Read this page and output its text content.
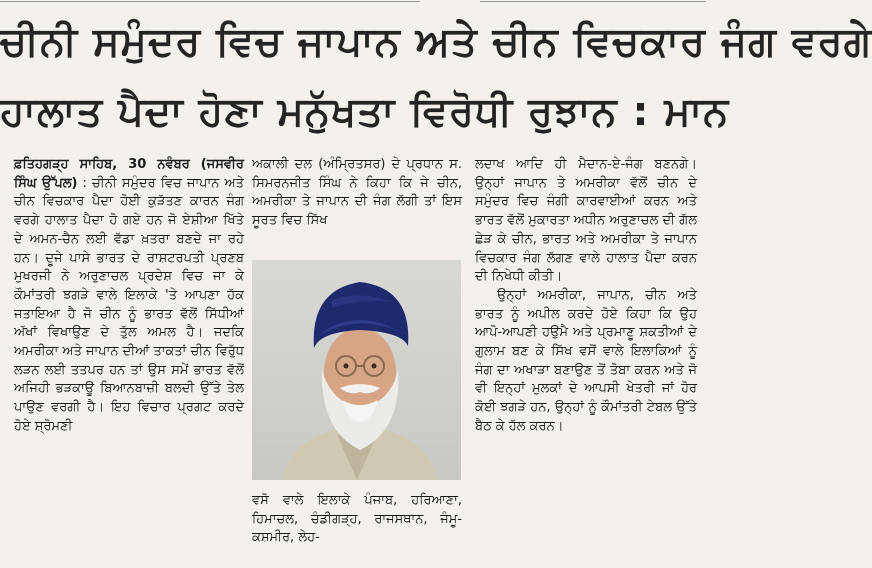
ਚੀਨੀ ਸਮੁੰਦਰ ਵਿਚ ਜਾਪਾਨ ਅਤੇ ਚੀਨ ਵਿਚਕਾਰ ਜੰਗ ਵਰਗੇ
ਹਾਲਾਤ ਪੈਦਾ ਹੋਣਾ ਮਨੁੱਖਤਾ ਵਿਰੋਧੀ ਰੁਝਾਨ : ਮਾਨ

ਫ਼ਤਿਹਗੜ੍ਹ ਸਾਹਿਬ, 30 ਨਵੰਬਰ (ਜਸਵੀਰ ਸਿੰਘ ਉੱਪਲ) : ਚੀਨੀ ਸਮੁੰਦਰ ਵਿਚ ਜਾਪਾਨ ਅਤੇ ਚੀਨ ਵਿਚਕਾਰ ਪੈਦਾ ਹੋਈ ਕੁੜੱਤਣ ਕਾਰਨ ਜੰਗ ਵਰਗੇ ਹਾਲਾਤ ਪੈਦਾ ਹੋ ਗਏ ਹਨ ਜੋ ਏਸ਼ੀਆ ਖਿੱਤੇ ਦੇ ਅਮਨ-ਚੈਨ ਲਈ ਵੱਡਾ ਖ਼ਤਰਾ ਬਣਦੇ ਜਾ ਰਹੇ ਹਨ। ਦੂਜੇ ਪਾਸੇ ਭਾਰਤ ਦੇ ਰਾਸ਼ਟਰਪਤੀ ਪ੍ਰਣਬ ਮੁਖਰਜੀ ਨੇ ਅਰੁਣਾਚਲ ਪ੍ਰਦੇਸ਼ ਵਿਚ ਜਾ ਕੇ ਕੌਮਾਂਤਰੀ ਝਗੜੇ ਵਾਲੇ ਇਲਾਕੇ 'ਤੇ ਆਪਣਾ ਹੱਕ ਜਤਾਇਆ ਹੈ ਜੋ ਚੀਨ ਨੂੰ ਭਾਰਤ ਵੱਲੋਂ ਸਿੱਧੀਆਂ ਅੱਖਾਂ ਵਿਖਾਉਣ ਦੇ ਤੁੱਲ ਅਮਲ ਹੈ। ਜਦਕਿ ਅਮਰੀਕਾ ਅਤੇ ਜਾਪਾਨ ਦੀਆਂ ਤਾਕਤਾਂ ਚੀਨ ਵਿਰੁੱਧ ਲੜਨ ਲਈ ਤਤਪਰ ਹਨ ਤਾਂ ਉਸ ਸਮੇਂ ਭਾਰਤ ਵੱਲੋਂ ਅਜਿਹੀ ਭੜਕਾਊ ਬਿਆਨਬਾਜ਼ੀ ਬਲਦੀ ਉੱਤੇ ਤੇਲ ਪਾਉਣ ਵਰਗੀ ਹੈ। ਇਹ ਵਿਚਾਰ ਪ੍ਰਗਟ ਕਰਦੇ ਹੋਏ ਸ਼੍ਰੋਮਣੀ

ਅਕਾਲੀ ਦਲ (ਅੰਮ੍ਰਿਤਸਰ) ਦੇ ਪ੍ਰਧਾਨ ਸ. ਸਿਮਰਨਜੀਤ ਸਿੰਘ ਨੇ ਕਿਹਾ ਕਿ ਜੇ ਚੀਨ, ਅਮਰੀਕਾ ਤੇ ਜਾਪਾਨ ਦੀ ਜੰਗ ਲੱਗੀ ਤਾਂ ਇਸ ਸੂਰਤ ਵਿਚ ਸਿੱਖ

ਵਸੋ ਵਾਲੇ ਇਲਾਕੇ ਪੰਜਾਬ, ਹਰਿਆਣਾ, ਹਿਮਾਚਲ, ਚੰਡੀਗੜ੍ਹ, ਰਾਜਸਥਾਨ, ਜੰਮੂ-ਕਸ਼ਮੀਰ, ਲੇਹ-

ਲਦਾਖ ਆਦਿ ਹੀ ਮੈਦਾਨ-ਏ-ਜੰਗ ਬਣਨਗੇ। ਉਨ੍ਹਾਂ ਜਾਪਾਨ ਤੇ ਅਮਰੀਕਾ ਵੱਲੋਂ ਚੀਨ ਦੇ ਸਮੁੰਦਰ ਵਿਚ ਜੰਗੀ ਕਾਰਵਾਈਆਂ ਕਰਨ ਅਤੇ ਭਾਰਤ ਵੱਲੋਂ ਮੁਕਾਰਤਾ ਅਧੀਨ ਅਰੁਣਾਚਲ ਦੀ ਗੱਲ ਛੇੜ ਕੇ ਚੀਨ, ਭਾਰਤ ਅਤੇ ਅਮਰੀਕਾ ਤੇ ਜਾਪਾਨ ਵਿਚਕਾਰ ਜੰਗ ਲੱਗਣ ਵਾਲੇ ਹਾਲਾਤ ਪੈਦਾ ਕਰਨ ਦੀ ਨਿਖੇਧੀ ਕੀਤੀ।

ਉਨ੍ਹਾਂ ਅਮਰੀਕਾ, ਜਾਪਾਨ, ਚੀਨ ਅਤੇ ਭਾਰਤ ਨੂੰ ਅਪੀਲ ਕਰਦੇ ਹੋਏ ਕਿਹਾ ਕਿ ਉਹ ਆਪੋ-ਆਪਣੀ ਹਉਮੈ ਅਤੇ ਪ੍ਰਮਾਣੂ ਸ਼ਕਤੀਆਂ ਦੇ ਗੁਲਾਮ ਬਣ ਕੇ ਸਿੱਖ ਵਸੋਂ ਵਾਲੇ ਇਲਾਕਿਆਂ ਨੂੰ ਜੰਗ ਦਾ ਅਖਾੜਾ ਬਣਾਉਣ ਤੋਂ ਤੋਬਾ ਕਰਨ ਅਤੇ ਜੋ ਵੀ ਇਨ੍ਹਾਂ ਮੁਲਕਾਂ ਦੇ ਆਪਸੀ ਖੇਤਰੀ ਜਾਂ ਹੋਰ ਕੋਈ ਝਗੜੇ ਹਨ, ਉਨ੍ਹਾਂ ਨੂੰ ਕੌਮਾਂਤਰੀ ਟੇਬਲ ਉੱਤੇ ਬੈਠ ਕੇ ਹੱਲ ਕਰਨ।
